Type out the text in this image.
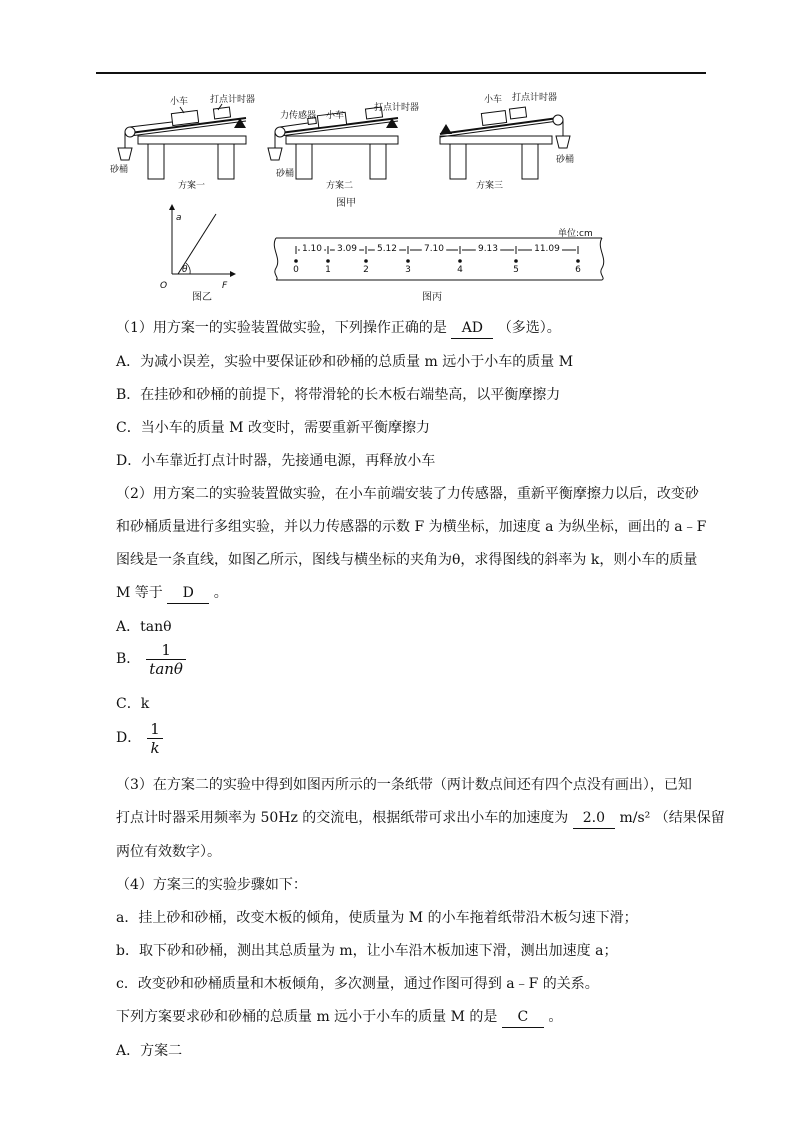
小车 打点计时器
砂桶
方案一
力传感器 小车
打点计时器
砂桶
方案二
图甲
小车 打点计时器
砂桶
方案三
a
F
O
θ
图乙
单位:cm
0	1	2	3	4	5	6
1.10 3.09 5.12	7.10	9.13	11.09
图丙

（1）用方案一的实验装置做实验，下列操作正确的是 AD （多选）。

A．为减小误差，实验中要保证砂和砂桶的总质量 m 远小于小车的质量 M

B．在挂砂和砂桶的前提下，将带滑轮的长木板右端垫高，以平衡摩擦力

C．当小车的质量 M 改变时，需要重新平衡摩擦力

D．小车靠近打点计时器，先接通电源，再释放小车

（2）用方案二的实验装置做实验，在小车前端安装了力传感器，重新平衡摩擦力以后，改变砂

和砂桶质量进行多组实验，并以力传感器的示数 F 为横坐标，加速度 a 为纵坐标，画出的 a﹣F

图线是一条直线，如图乙所示，图线与横坐标的夹角为θ，求得图线的斜率为 k，则小车的质量

M 等于 D 。

A．tanθ

B． $\frac{1}{\tan\theta}$

C．k

D． $\frac{1}{k}$

（3）在方案二的实验中得到如图丙所示的一条纸带（两计数点间还有四个点没有画出），已知

打点计时器采用频率为 50Hz 的交流电，根据纸带可求出小车的加速度为 2.0 m/s² （结果保留

两位有效数字）。

（4）方案三的实验步骤如下：

a．挂上砂和砂桶，改变木板的倾角，使质量为 M 的小车拖着纸带沿木板匀速下滑；

b．取下砂和砂桶，测出其总质量为 m，让小车沿木板加速下滑，测出加速度 a；

c．改变砂和砂桶质量和木板倾角，多次测量，通过作图可得到 a﹣F 的关系。

下列方案要求砂和砂桶的总质量 m 远小于小车的质量 M 的是 C 。

A．方案二
